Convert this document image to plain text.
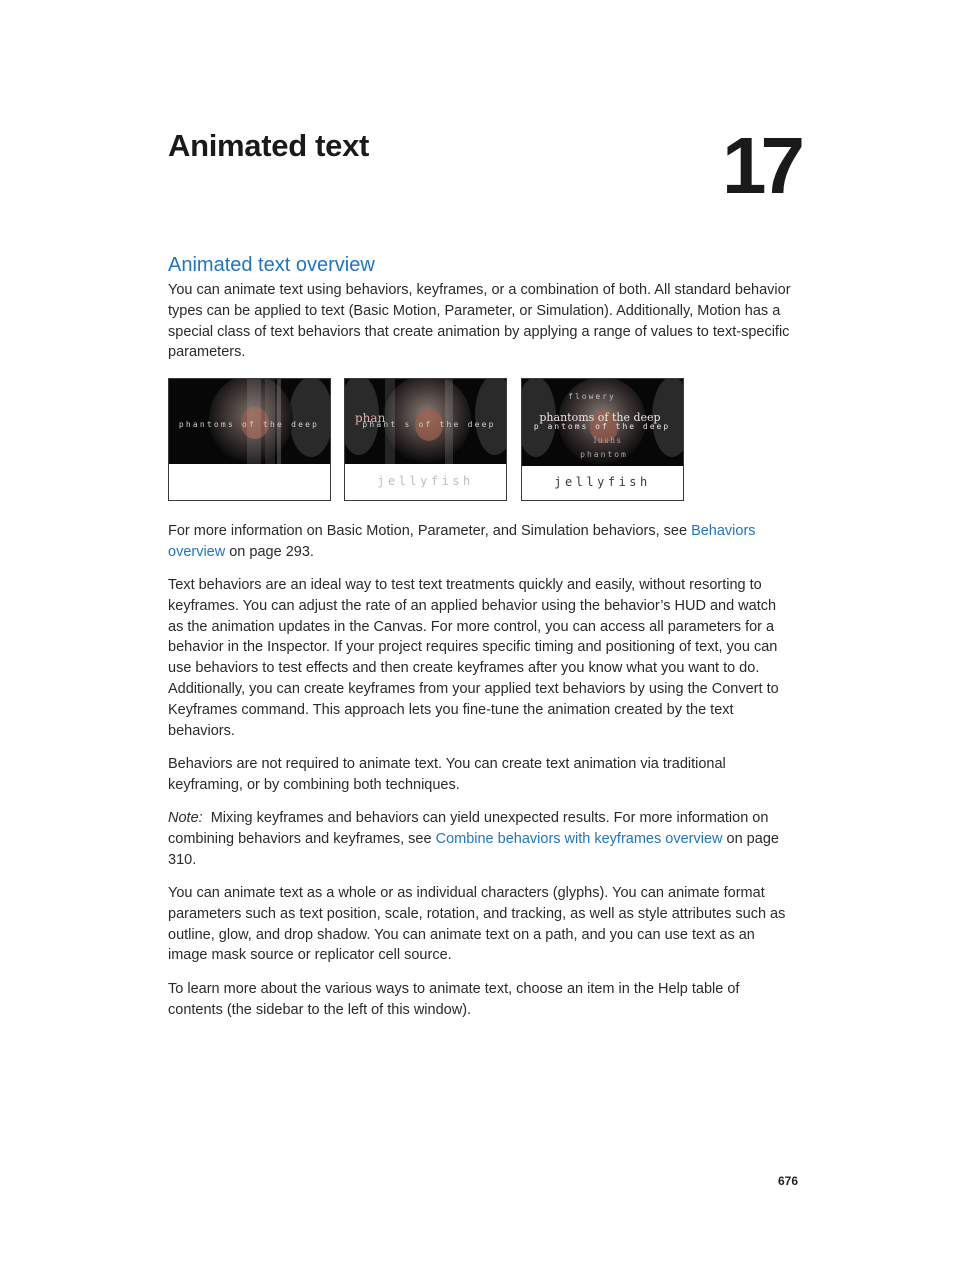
Animated text	17
Animated text overview

You can animate text using behaviors, keyframes, or a combination of both. All standard behavior types can be applied to text (Basic Motion, Parameter, or Simulation). Additionally, Motion has a special class of text behaviors that create animation by applying a range of values to text-specific parameters.

phantoms of the deep	phan
phant s of the deep
jellyfish
flowery
phantoms of the deep
p antoms of the deep
lushs
phantom
jellyfish

For more information on Basic Motion, Parameter, and Simulation behaviors, see Behaviors overview on page 293.

Text behaviors are an ideal way to test text treatments quickly and easily, without resorting to keyframes. You can adjust the rate of an applied behavior using the behavior’s HUD and watch as the animation updates in the Canvas. For more control, you can access all parameters for a behavior in the Inspector. If your project requires specific timing and positioning of text, you can use behaviors to test effects and then create keyframes after you know what you want to do. Additionally, you can create keyframes from your applied text behaviors by using the Convert to Keyframes command. This approach lets you fine-tune the animation created by the text behaviors.

Behaviors are not required to animate text. You can create text animation via traditional keyframing, or by combining both techniques.

Note: Mixing keyframes and behaviors can yield unexpected results. For more information on combining behaviors and keyframes, see Combine behaviors with keyframes overview on page 310.

You can animate text as a whole or as individual characters (glyphs). You can animate format parameters such as text position, scale, rotation, and tracking, as well as style attributes such as outline, glow, and drop shadow. You can animate text on a path, and you can use text as an image mask source or replicator cell source.

To learn more about the various ways to animate text, choose an item in the Help table of contents (the sidebar to the left of this window).

676
